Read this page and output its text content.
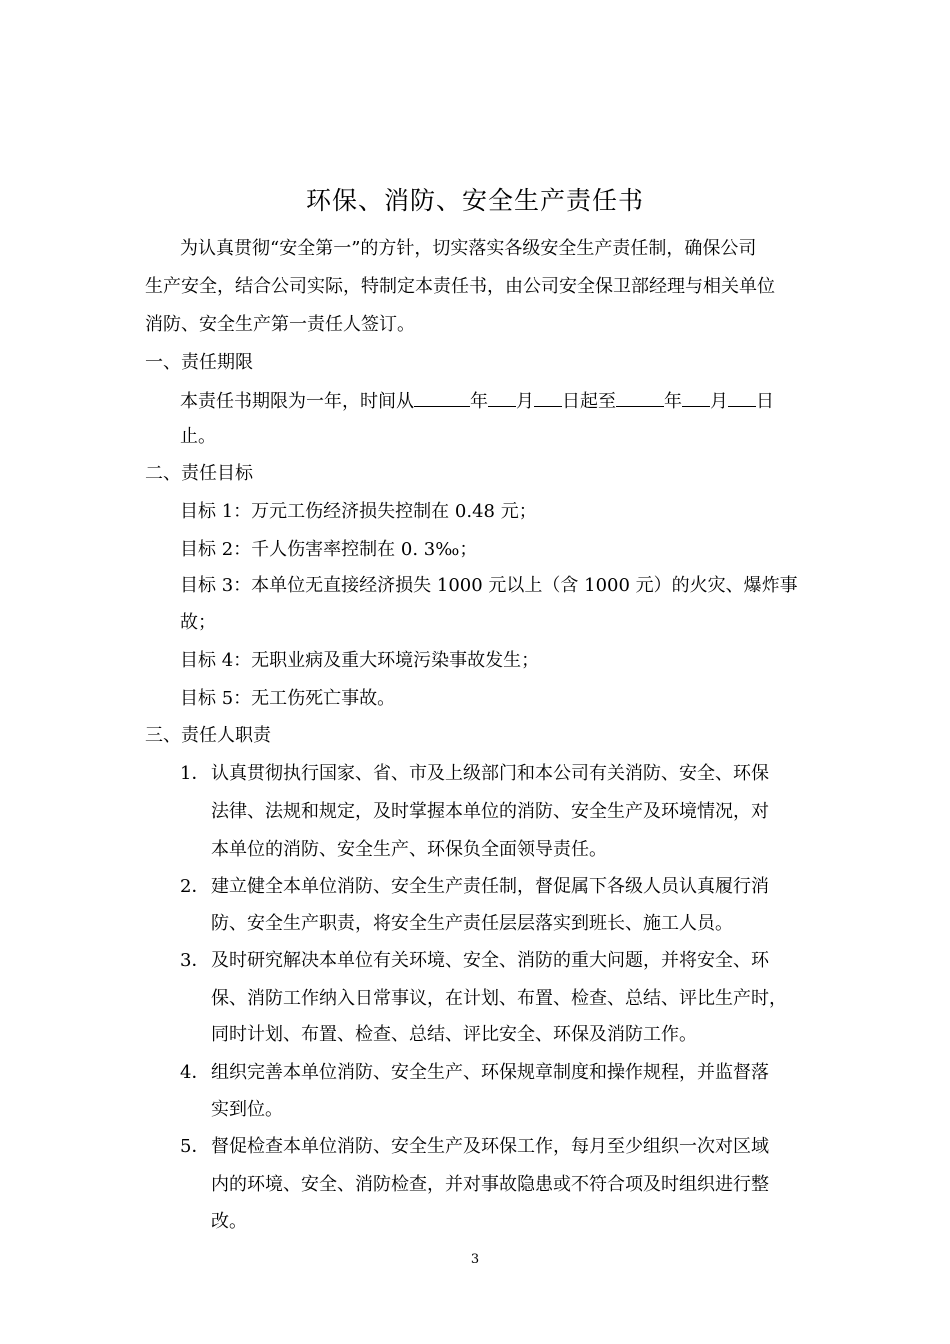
环保、消防、安全生产责任书
为认真贯彻“安全第一”的方针，切实落实各级安全生产责任制，确保公司
生产安全，结合公司实际，特制定本责任书，由公司安全保卫部经理与相关单位
消防、安全生产第一责任人签订。
一、责任期限
本责任书期限为一年，时间从	年 月 日起至	年 月 日
止。
二、责任目标
目标 1：万元工伤经济损失控制在 0.48 元；
目标 2：千人伤害率控制在 0. 3‰；
目标 3：本单位无直接经济损失 1000 元以上（含 1000 元）的火灾、爆炸事
故；
目标 4：无职业病及重大环境污染事故发生；
目标 5：无工伤死亡事故。
三、责任人职责
1． 认真贯彻执行国家、省、市及上级部门和本公司有关消防、安全、环保
法律、法规和规定，及时掌握本单位的消防、安全生产及环境情况，对
本单位的消防、安全生产、环保负全面领导责任。
2． 建立健全本单位消防、安全生产责任制，督促属下各级人员认真履行消
防、安全生产职责，将安全生产责任层层落实到班长、施工人员。
3． 及时研究解决本单位有关环境、安全、消防的重大问题，并将安全、环
保、消防工作纳入日常事议，在计划、布置、检查、总结、评比生产时，
同时计划、布置、检查、总结、评比安全、环保及消防工作。
4． 组织完善本单位消防、安全生产、环保规章制度和操作规程，并监督落
实到位。
5． 督促检查本单位消防、安全生产及环保工作，每月至少组织一次对区域
内的环境、安全、消防检查，并对事故隐患或不符合项及时组织进行整
改。
3
